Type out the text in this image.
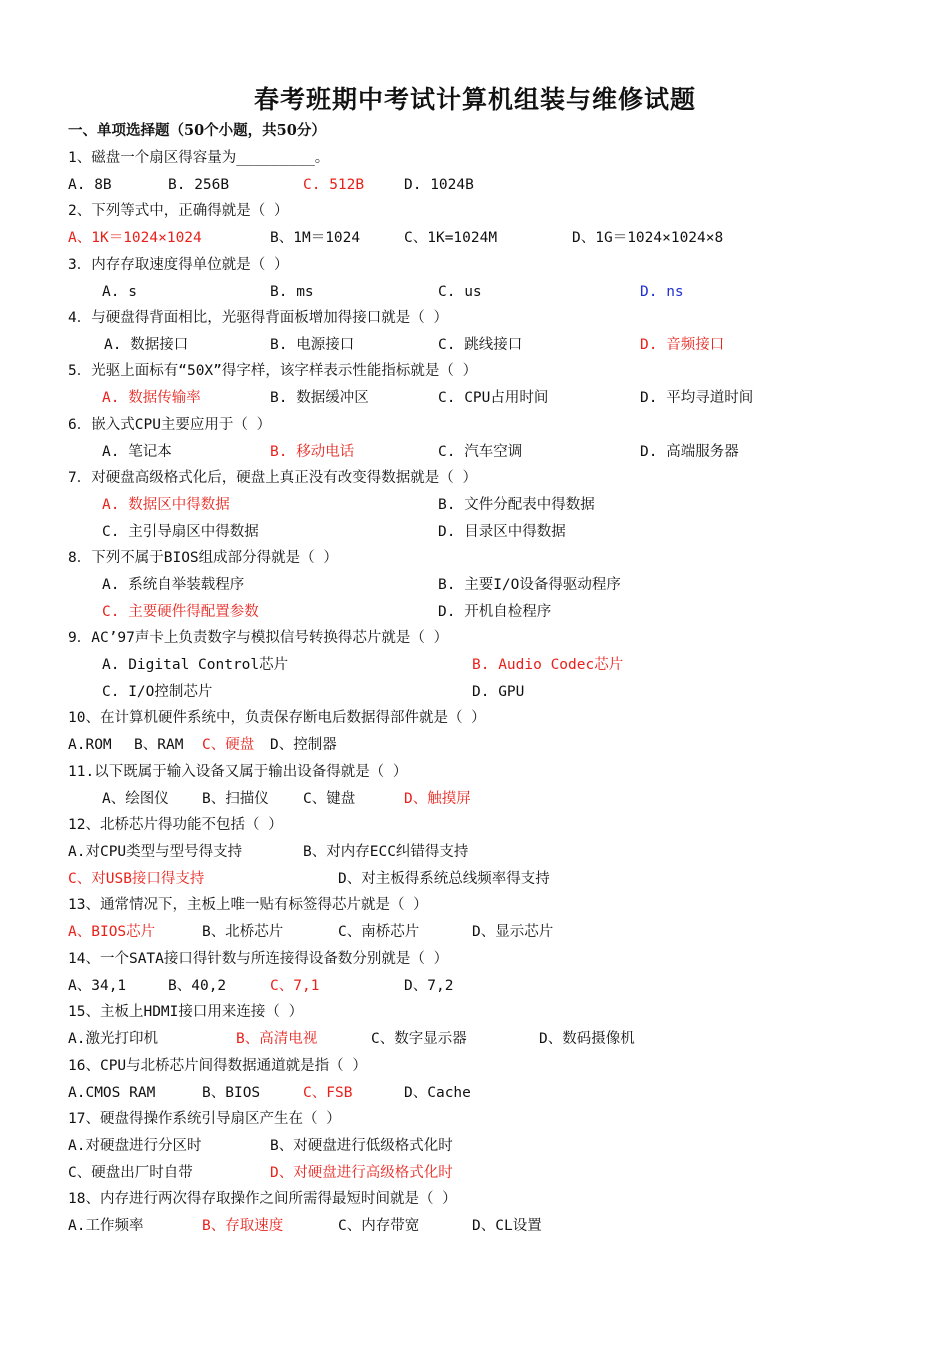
春考班期中考试计算机组装与维修试题
一、单项选择题（50个小题，共50分）
1、磁盘一个扇区得容量为_________。
A. 8B	B. 256B	C. 512B	D. 1024B
2、下列等式中，正确得就是（ ）
A、1K＝1024×1024	B、1M＝1024	C、1K=1024M	D、1G＝1024×1024×8
3．内存存取速度得单位就是（ ）
A. s	B. ms	C. us	D. ns
4．与硬盘得背面相比，光驱得背面板增加得接口就是（ ）
A. 数据接口	B. 电源接口	C. 跳线接口	D. 音频接口
5．光驱上面标有“50X”得字样，该字样表示性能指标就是（ ）
A. 数据传输率	B. 数据缓冲区	C. CPU占用时间	D. 平均寻道时间
6．嵌入式CPU主要应用于（ ）
A. 笔记本	B. 移动电话	C. 汽车空调	D. 高端服务器
7．对硬盘高级格式化后，硬盘上真正没有改变得数据就是（ ）
A. 数据区中得数据	B. 文件分配表中得数据
C. 主引导扇区中得数据	D. 目录区中得数据
8．下列不属于BIOS组成部分得就是（ ）
A. 系统自举装载程序	B. 主要I/O设备得驱动程序
C. 主要硬件得配置参数	D. 开机自检程序
9．AC’97声卡上负责数字与模拟信号转换得芯片就是（ ）
A. Digital Control芯片	B. Audio Codec芯片
C. I/O控制芯片	D. GPU
10、在计算机硬件系统中，负责保存断电后数据得部件就是（ ）
A.ROM B、RAM C、硬盘 D、控制器
11.以下既属于输入设备又属于输出设备得就是（ ）
A、绘图仪 B、扫描仪 C、键盘	D、触摸屏
12、北桥芯片得功能不包括（ ）
A.对CPU类型与型号得支持	B、对内存ECC纠错得支持
C、对USB接口得支持	D、对主板得系统总线频率得支持
13、通常情况下，主板上唯一贴有标签得芯片就是（ ）
A、BIOS芯片	B、北桥芯片	C、南桥芯片	D、显示芯片
14、一个SATA接口得针数与所连接得设备数分别就是（ ）
A、34,1	B、40,2	C、7,1	D、7,2
15、主板上HDMI接口用来连接（ ）
A.激光打印机	B、高清电视	C、数字显示器	D、数码摄像机
16、CPU与北桥芯片间得数据通道就是指（ ）
A.CMOS RAM	B、BIOS	C、FSB	D、Cache
17、硬盘得操作系统引导扇区产生在（ ）
A.对硬盘进行分区时	B、对硬盘进行低级格式化时
C、硬盘出厂时自带	D、对硬盘进行高级格式化时
18、内存进行两次得存取操作之间所需得最短时间就是（ ）
A.工作频率	B、存取速度	C、内存带宽	D、CL设置
